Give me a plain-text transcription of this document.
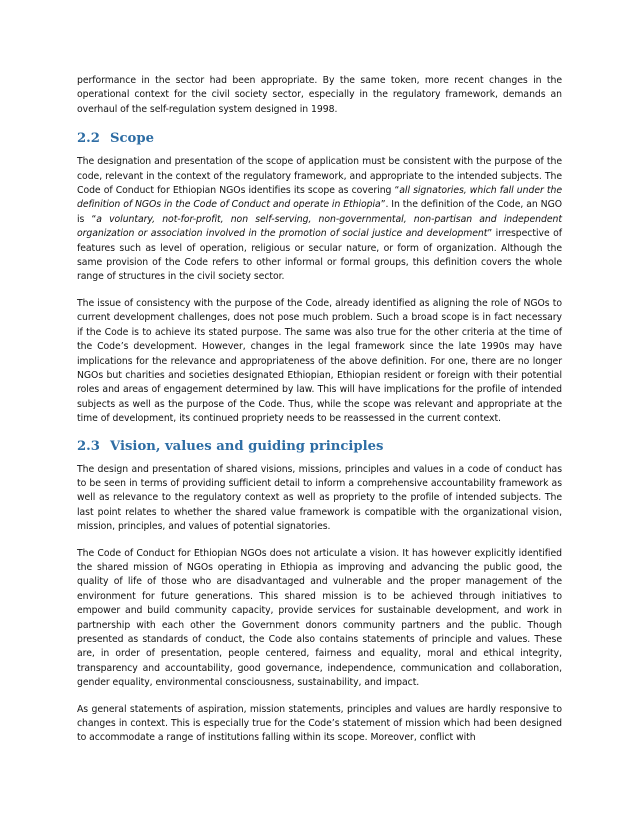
performance in the sector had been appropriate. By the same token, more recent changes in the operational context for the civil society sector, especially in the regulatory framework, demands an overhaul of the self-regulation system designed in 1998.

2.2 Scope

The designation and presentation of the scope of application must be consistent with the purpose of the code, relevant in the context of the regulatory framework, and appropriate to the intended subjects. The Code of Conduct for Ethiopian NGOs identifies its scope as covering “all signatories, which fall under the definition of NGOs in the Code of Conduct and operate in Ethiopia”. In the definition of the Code, an NGO is “a voluntary, not-for-profit, non self-serving, non-governmental, non-partisan and independent organization or association involved in the promotion of social justice and development” irrespective of features such as level of operation, religious or secular nature, or form of organization. Although the same provision of the Code refers to other informal or formal groups, this definition covers the whole range of structures in the civil society sector.

The issue of consistency with the purpose of the Code, already identified as aligning the role of NGOs to current development challenges, does not pose much problem. Such a broad scope is in fact necessary if the Code is to achieve its stated purpose. The same was also true for the other criteria at the time of the Code’s development. However, changes in the legal framework since the late 1990s may have implications for the relevance and appropriateness of the above definition. For one, there are no longer NGOs but charities and societies designated Ethiopian, Ethiopian resident or foreign with their potential roles and areas of engagement determined by law. This will have implications for the profile of intended subjects as well as the purpose of the Code. Thus, while the scope was relevant and appropriate at the time of development, its continued propriety needs to be reassessed in the current context.

2.3 Vision, values and guiding principles

The design and presentation of shared visions, missions, principles and values in a code of conduct has to be seen in terms of providing sufficient detail to inform a comprehensive accountability framework as well as relevance to the regulatory context as well as propriety to the profile of intended subjects. The last point relates to whether the shared value framework is compatible with the organizational vision, mission, principles, and values of potential signatories.

The Code of Conduct for Ethiopian NGOs does not articulate a vision. It has however explicitly identified the shared mission of NGOs operating in Ethiopia as improving and advancing the public good, the quality of life of those who are disadvantaged and vulnerable and the proper management of the environment for future generations. This shared mission is to be achieved through initiatives to empower and build community capacity, provide services for sustainable development, and work in partnership with each other the Government donors community partners and the public. Though presented as standards of conduct, the Code also contains statements of principle and values. These are, in order of presentation, people centered, fairness and equality, moral and ethical integrity, transparency and accountability, good governance, independence, communication and collaboration, gender equality, environmental consciousness, sustainability, and impact.

As general statements of aspiration, mission statements, principles and values are hardly responsive to changes in context. This is especially true for the Code’s statement of mission which had been designed to accommodate a range of institutions falling within its scope. Moreover, conflict with
